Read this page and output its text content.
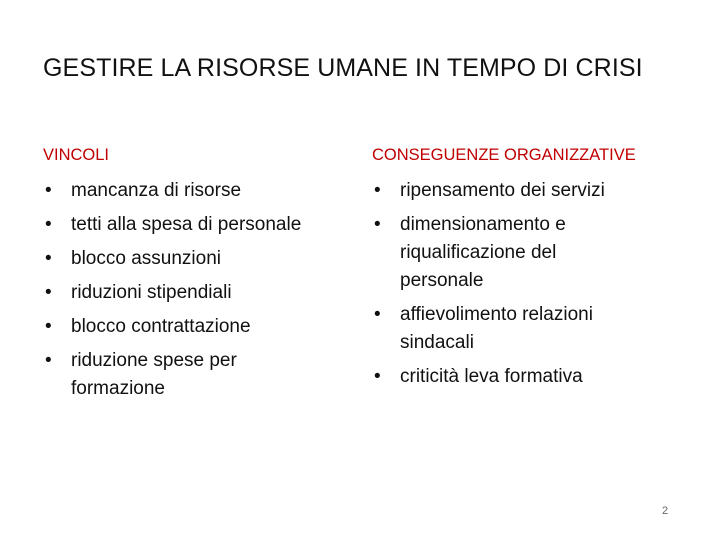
GESTIRE LA RISORSE UMANE IN TEMPO DI CRISI
VINCOLI
•	mancanza di risorse
•	tetti alla spesa di personale
•	blocco assunzioni
•	riduzioni stipendiali
•	blocco contrattazione
•	riduzione spese per formazione
CONSEGUENZE ORGANIZZATIVE
•	ripensamento dei servizi
•	dimensionamento e riqualificazione del personale
•	affievolimento relazioni sindacali
•	criticità leva formativa
2
